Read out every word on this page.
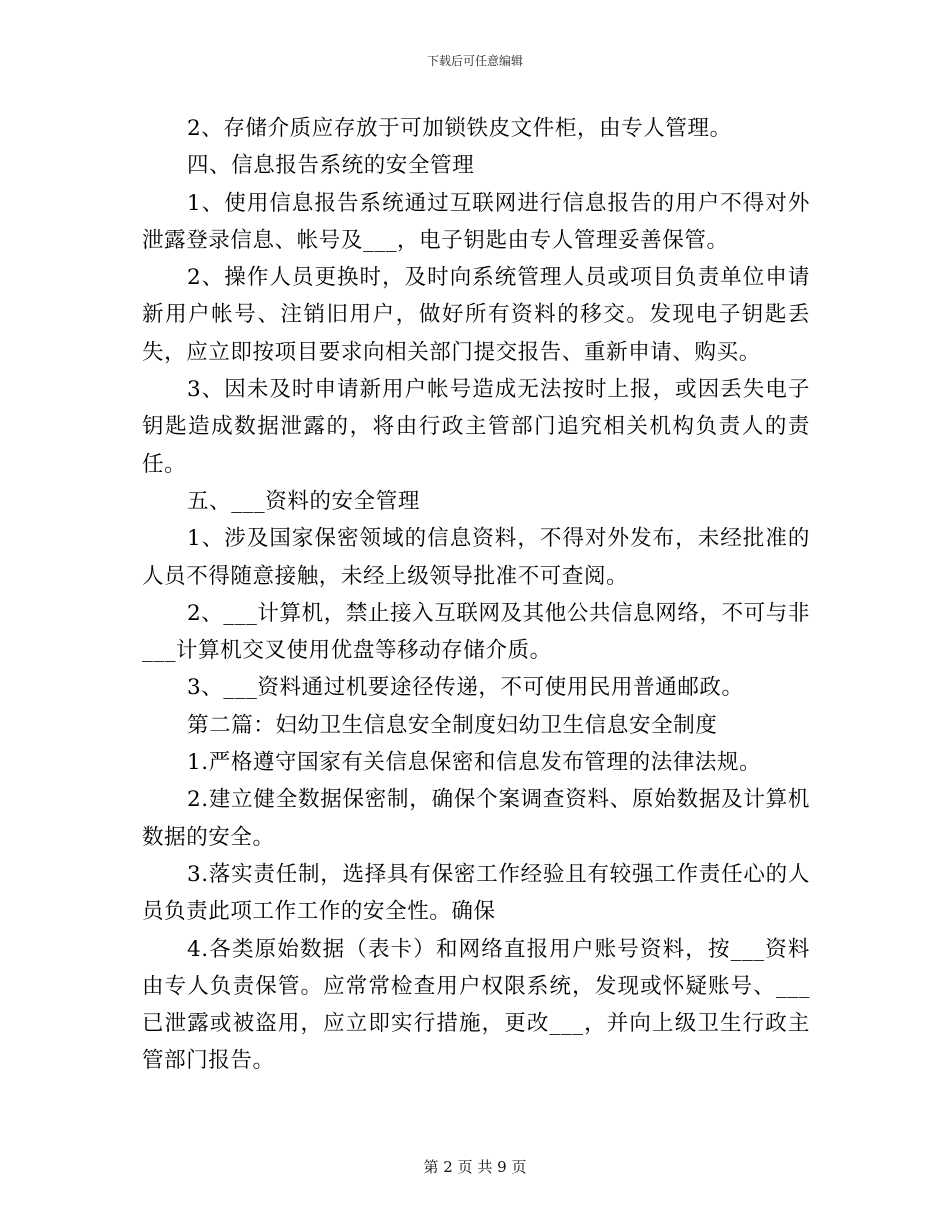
下载后可任意编辑

2、存储介质应存放于可加锁铁皮文件柜，由专人管理。

四、信息报告系统的安全管理

1、使用信息报告系统通过互联网进行信息报告的用户不得对外泄露登录信息、帐号及___，电子钥匙由专人管理妥善保管。

2、操作人员更换时，及时向系统管理人员或项目负责单位申请新用户帐号、注销旧用户，做好所有资料的移交。发现电子钥匙丢失，应立即按项目要求向相关部门提交报告、重新申请、购买。

3、因未及时申请新用户帐号造成无法按时上报，或因丢失电子钥匙造成数据泄露的，将由行政主管部门追究相关机构负责人的责任。

五、___资料的安全管理

1、涉及国家保密领域的信息资料，不得对外发布，未经批准的人员不得随意接触，未经上级领导批准不可查阅。

2、___计算机，禁止接入互联网及其他公共信息网络，不可与非___计算机交叉使用优盘等移动存储介质。

3、___资料通过机要途径传递，不可使用民用普通邮政。

第二篇：妇幼卫生信息安全制度妇幼卫生信息安全制度

1.严格遵守国家有关信息保密和信息发布管理的法律法规。

2.建立健全数据保密制，确保个案调查资料、原始数据及计算机数据的安全。

3.落实责任制，选择具有保密工作经验且有较强工作责任心的人员负责此项工作工作的安全性。确保

4.各类原始数据（表卡）和网络直报用户账号资料，按___资料由专人负责保管。应常常检查用户权限系统，发现或怀疑账号、___已泄露或被盗用，应立即实行措施，更改___，并向上级卫生行政主管部门报告。

第 2 页 共 9 页
